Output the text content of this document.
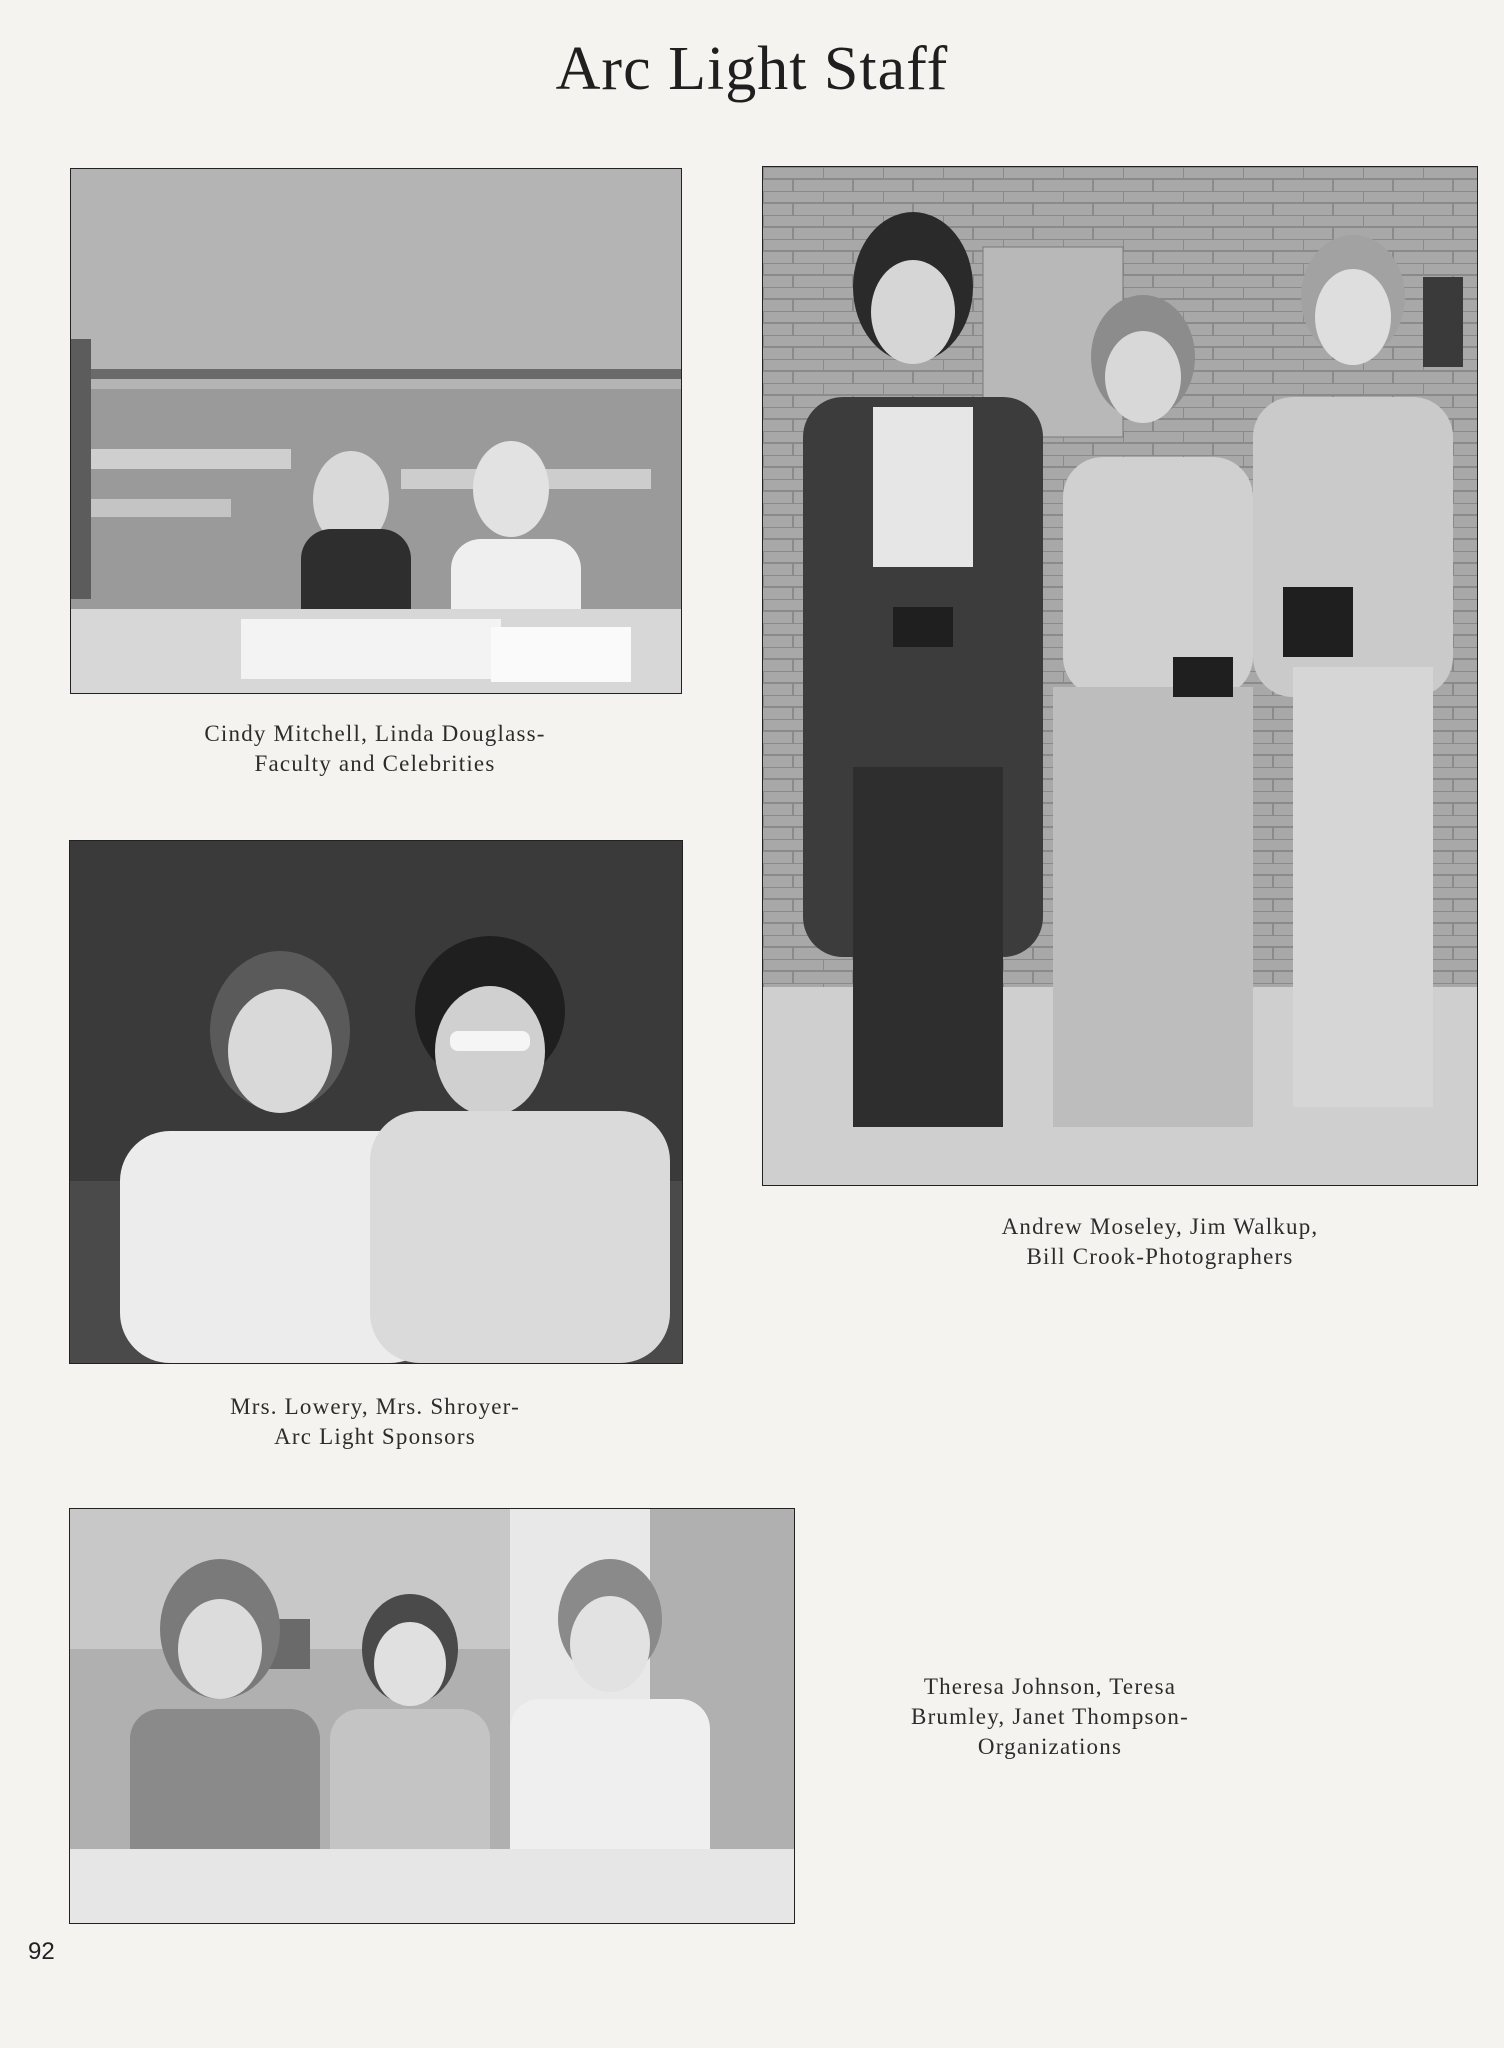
Arc Light Staff
Cindy Mitchell, Linda Douglass-
Faculty and Celebrities
Andrew Moseley, Jim Walkup,
Bill Crook-Photographers
Mrs. Lowery, Mrs. Shroyer-
Arc Light Sponsors
Theresa Johnson, Teresa
Brumley, Janet Thompson-
Organizations
92
